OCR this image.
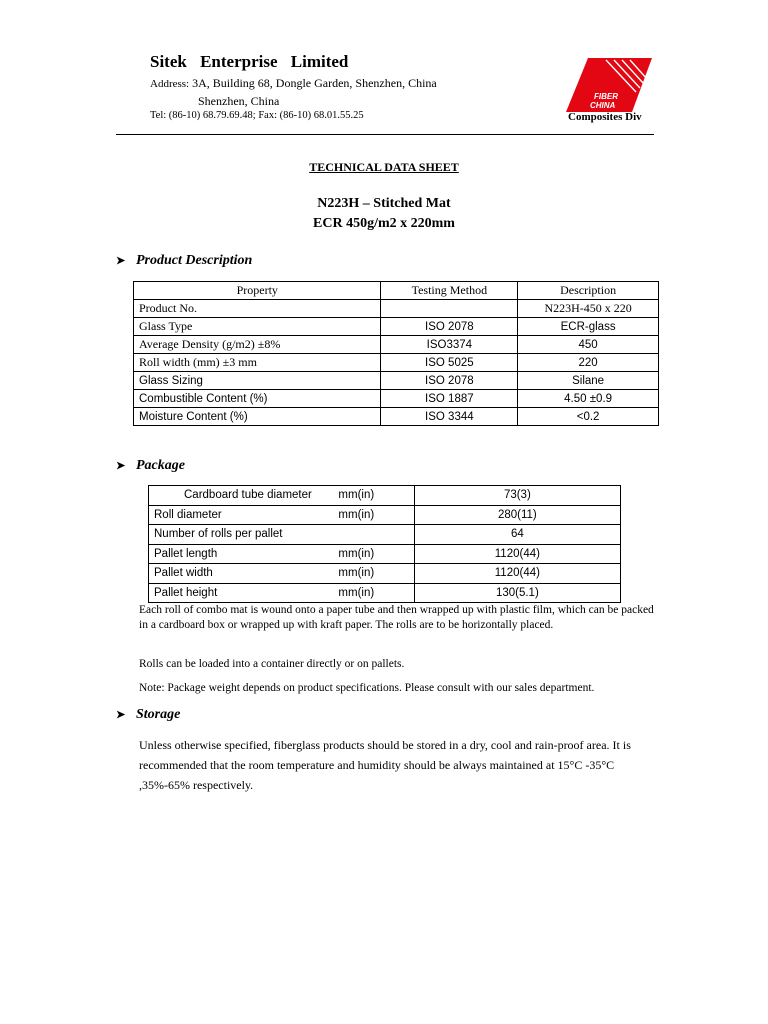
Sitek Enterprise Limited
Address: 3A, Building 68, Dongle Garden, Shenzhen, China
Shenzhen, China
Tel: (86-10) 68.79.69.48; Fax: (86-10) 68.01.55.25
FIBER
CHINA
Composites Div
TECHNICAL DATA SHEET
N223H – Stitched Mat
ECR 450g/m2 x 220mm
➤ Product Description
Property	Testing Method	Description
Product No.		N223H-450 x 220
Glass Type	ISO 2078	ECR-glass
Average Density (g/m2) ±8%	ISO3374	450
Roll width (mm) ±3 mm	ISO 5025	220
Glass Sizing	ISO 2078	Silane
Combustible Content (%)	ISO 1887	4.50 ±0.9
Moisture Content (%)	ISO 3344	<0.2
➤ Package
Cardboard tube diameter	mm(in)	73(3)
Roll diameter	mm(in)	280(11)
Number of rolls per pallet		64
Pallet length	mm(in)	1120(44)
Pallet width	mm(in)	1120(44)
Pallet height	mm(in)	130(5.1)
Each roll of combo mat is wound onto a paper tube and then wrapped up with plastic film, which can be packed in a cardboard box or wrapped up with kraft paper. The rolls are to be horizontally placed.
Rolls can be loaded into a container directly or on pallets.
Note: Package weight depends on product specifications. Please consult with our sales department.
➤ Storage
Unless otherwise specified, fiberglass products should be stored in a dry, cool and rain-proof area. It is recommended that the room temperature and humidity should be always maintained at 15°C -35°C ,35%-65% respectively.
